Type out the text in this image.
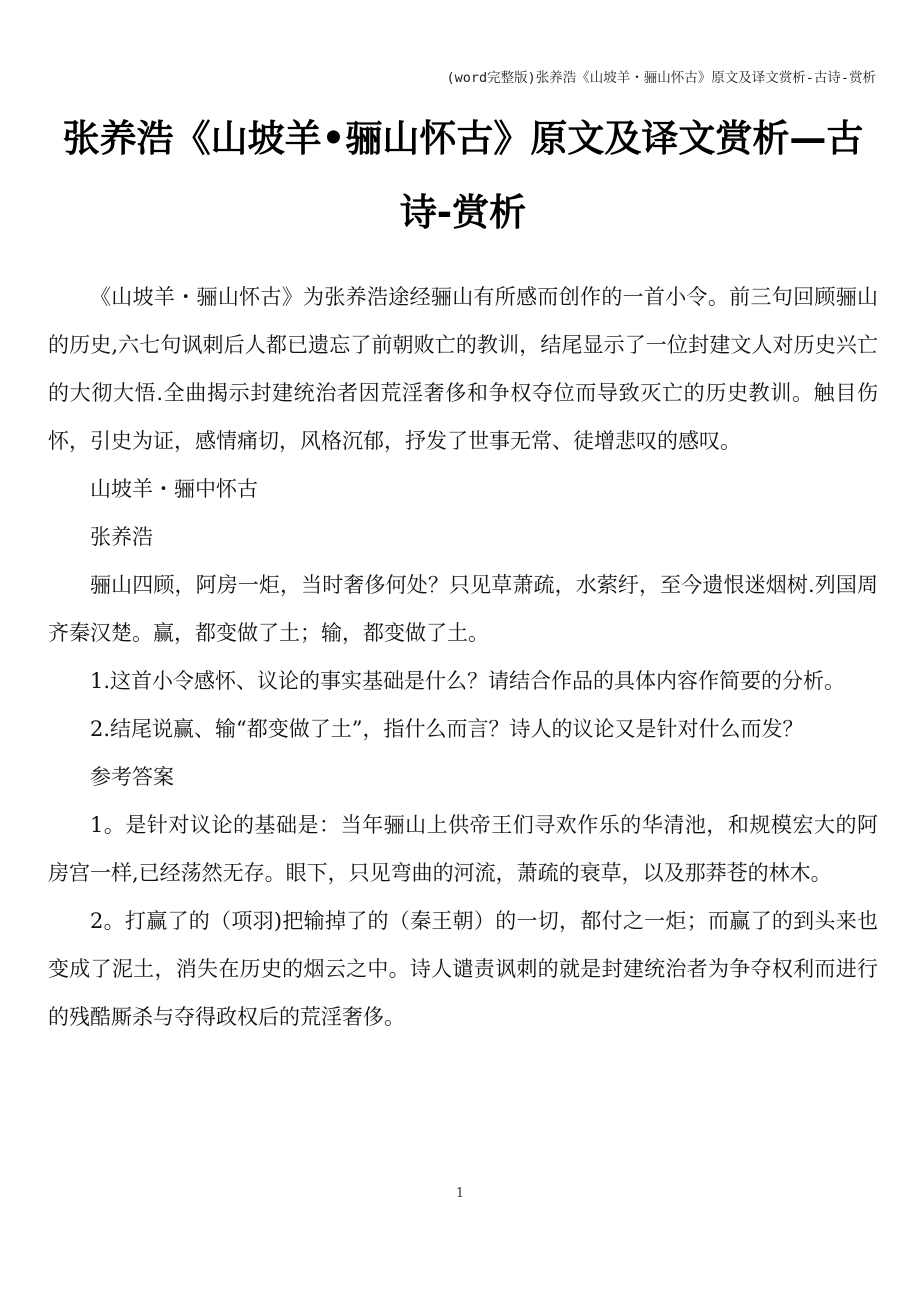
(word完整版)张养浩《山坡羊・骊山怀古》原文及译文赏析-古诗-赏析
张养浩《山坡羊•骊山怀古》原文及译文赏析—古诗-赏析

《山坡羊・骊山怀古》为张养浩途经骊山有所感而创作的一首小令。前三句回顾骊山的历史,六七句讽刺后人都已遗忘了前朝败亡的教训，结尾显示了一位封建文人对历史兴亡的大彻大悟.全曲揭示封建统治者因荒淫奢侈和争权夺位而导致灭亡的历史教训。触目伤怀，引史为证，感情痛切，风格沉郁，抒发了世事无常、徒增悲叹的感叹。

山坡羊・骊中怀古

张养浩

骊山四顾，阿房一炬，当时奢侈何处？只见草萧疏，水萦纡，至今遗恨迷烟树.列国周齐秦汉楚。赢，都变做了土；输，都变做了土。

1.这首小令感怀、议论的事实基础是什么？请结合作品的具体内容作简要的分析。

2.结尾说赢、输“都变做了土”，指什么而言？诗人的议论又是针对什么而发？

参考答案

1。是针对议论的基础是：当年骊山上供帝王们寻欢作乐的华清池，和规模宏大的阿房宫一样,已经荡然无存。眼下，只见弯曲的河流，萧疏的衰草，以及那莽苍的林木。

2。打赢了的（项羽)把输掉了的（秦王朝）的一切，都付之一炬；而赢了的到头来也变成了泥土，消失在历史的烟云之中。诗人谴责讽刺的就是封建统治者为争夺权利而进行的残酷厮杀与夺得政权后的荒淫奢侈。

1
